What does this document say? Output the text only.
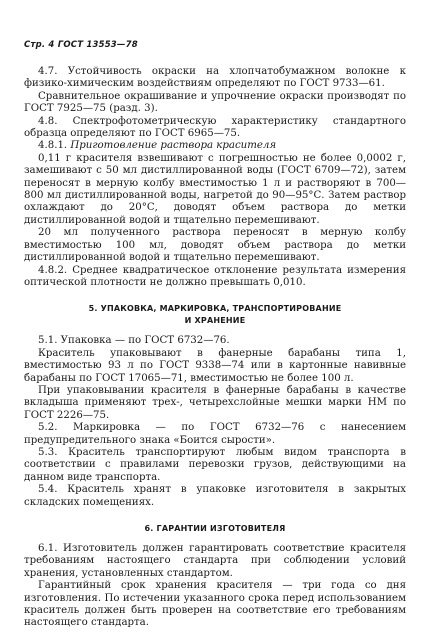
Стр. 4 ГОСТ 13553—78

4.7. Устойчивость окраски на хлопчатобумажном волокне к физико-химическим воздействиям определяют по ГОСТ 9733—61.

Сравнительное окрашивание и упрочнение окраски производят по ГОСТ 7925—75 (разд. 3).

4.8. Спектрофотометрическую характеристику стандартного образца определяют по ГОСТ 6965—75.

4.8.1. Приготовление раствора красителя

0,11 г красителя взвешивают с погрешностью не более 0,0002 г, замешивают с 50 мл дистиллированной воды (ГОСТ 6709—72), затем переносят в мерную колбу вместимостью 1 л и растворяют в 700—800 мл дистиллированной воды, нагретой до 90—95°С. Затем раствор охлаждают до 20°С, доводят объем раствора до метки дистиллированной водой и тщательно перемешивают.

20 мл полученного раствора переносят в мерную колбу вместимостью 100 мл, доводят объем раствора до метки дистиллированной водой и тщательно перемешивают.

4.8.2. Среднее квадратическое отклонение результата измерения оптической плотности не должно превышать 0,010.

5. УПАКОВКА, МАРКИРОВКА, ТРАНСПОРТИРОВАНИЕ

И ХРАНЕНИЕ

5.1. Упаковка — по ГОСТ 6732—76.

Краситель упаковывают в фанерные барабаны типа 1, вместимостью 93 л по ГОСТ 9338—74 или в картонные навивные барабаны по ГОСТ 17065—71, вместимостью не более 100 л.

При упаковывании красителя в фанерные барабаны в качестве вкладыша применяют трех-, четырехслойные мешки марки НМ по ГОСТ 2226—75.

5.2. Маркировка — по ГОСТ 6732—76 с нанесением предупредительного знака «Боится сырости».

5.3. Краситель транспортируют любым видом транспорта в соответствии с правилами перевозки грузов, действующими на данном виде транспорта.

5.4. Краситель хранят в упаковке изготовителя в закрытых складских помещениях.

6. ГАРАНТИИ ИЗГОТОВИТЕЛЯ

6.1. Изготовитель должен гарантировать соответствие красителя требованиям настоящего стандарта при соблюдении условий хранения, установленных стандартом.

Гарантийный срок хранения красителя — три года со дня изготовления. По истечении указанного срока перед использованием краситель должен быть проверен на соответствие его требованиям настоящего стандарта.
